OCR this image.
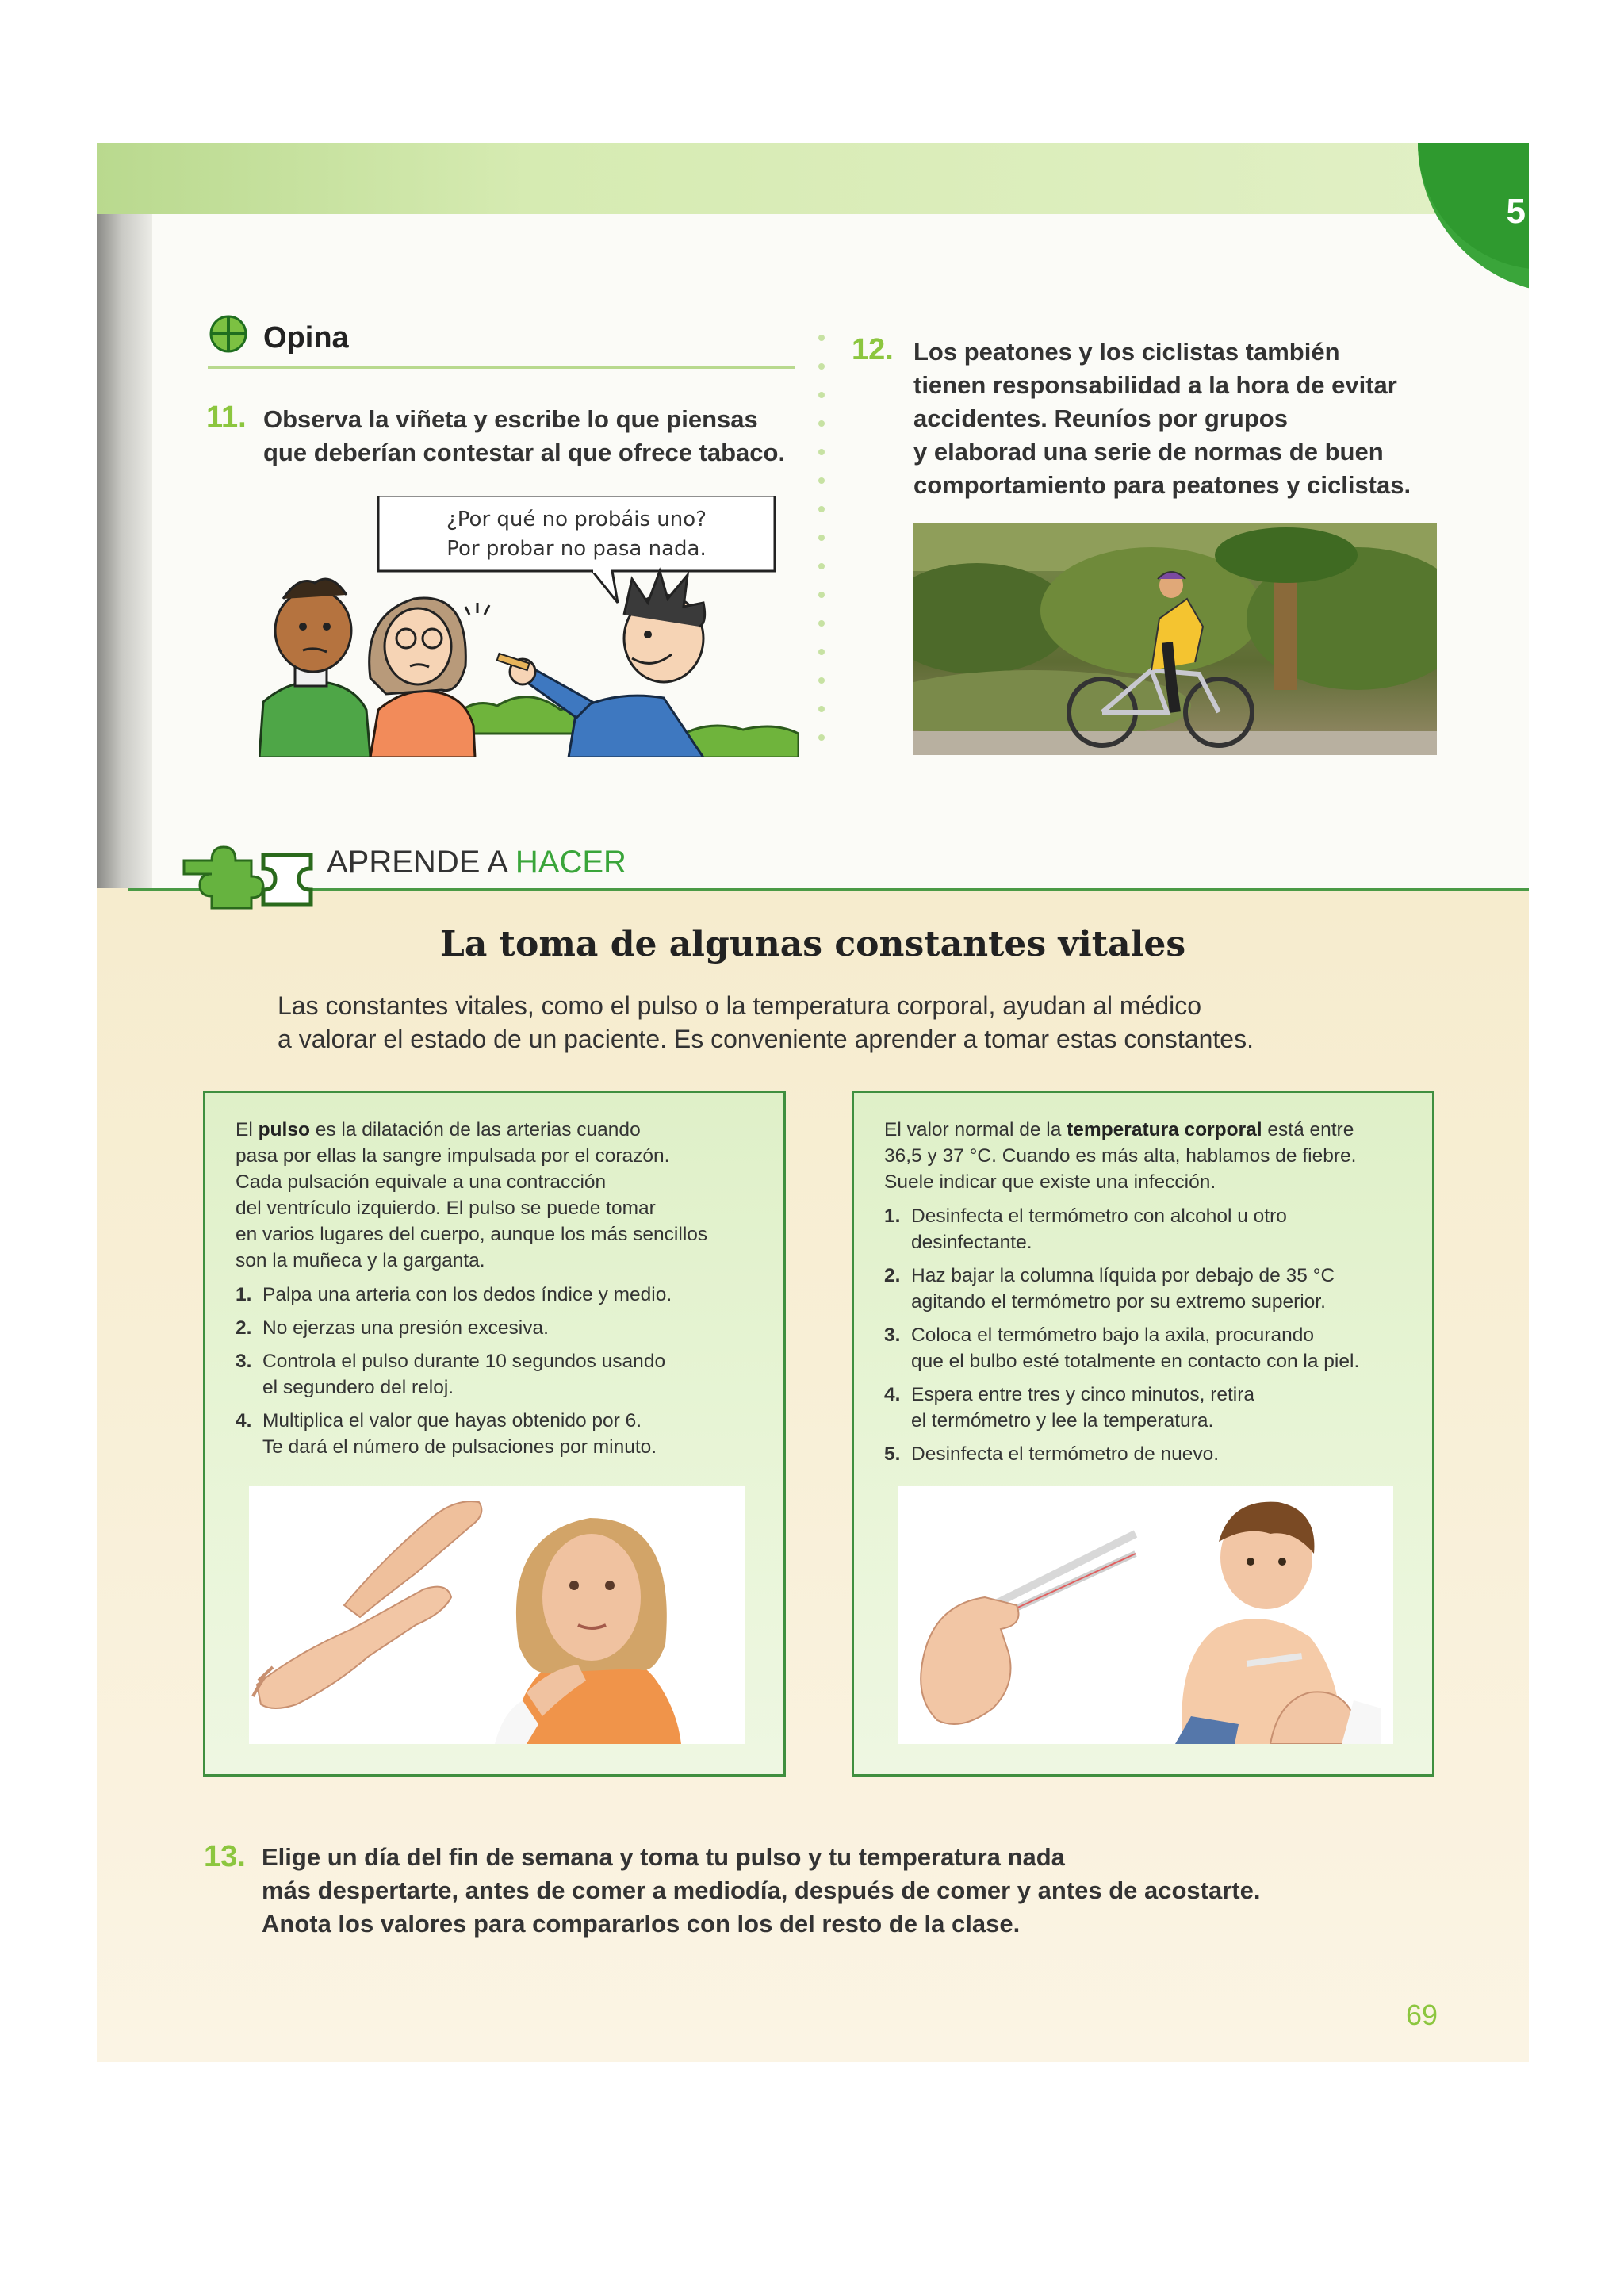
5
Opina
11. Observa la viñeta y escribe lo que piensas
que deberían contestar al que ofrece tabaco.
¿Por qué no probáis uno?
Por probar no pasa nada.
12. Los peatones y los ciclistas también
tienen responsabilidad a la hora de evitar
accidentes. Reuníos por grupos
y elaborad una serie de normas de buen
comportamiento para peatones y ciclistas.
APRENDE A HACER
La toma de algunas constantes vitales
Las constantes vitales, como el pulso o la temperatura corporal, ayudan al médico
a valorar el estado de un paciente. Es conveniente aprender a tomar estas constantes.
El pulso es la dilatación de las arterias cuando
pasa por ellas la sangre impulsada por el corazón.
Cada pulsación equivale a una contracción
del ventrículo izquierdo. El pulso se puede tomar
en varios lugares del cuerpo, aunque los más sencillos
son la muñeca y la garganta.
1. Palpa una arteria con los dedos índice y medio.
2. No ejerzas una presión excesiva.
3. Controla el pulso durante 10 segundos usando
el segundero del reloj.
4. Multiplica el valor que hayas obtenido por 6.
Te dará el número de pulsaciones por minuto.
El valor normal de la temperatura corporal está entre
36,5 y 37 °C. Cuando es más alta, hablamos de fiebre.
Suele indicar que existe una infección.
1. Desinfecta el termómetro con alcohol u otro
desinfectante.
2. Haz bajar la columna líquida por debajo de 35 °C
agitando el termómetro por su extremo superior.
3. Coloca el termómetro bajo la axila, procurando
que el bulbo esté totalmente en contacto con la piel.
4. Espera entre tres y cinco minutos, retira
el termómetro y lee la temperatura.
5. Desinfecta el termómetro de nuevo.
13. Elige un día del fin de semana y toma tu pulso y tu temperatura nada
más despertarte, antes de comer a mediodía, después de comer y antes de acostarte.
Anota los valores para compararlos con los del resto de la clase.
69
